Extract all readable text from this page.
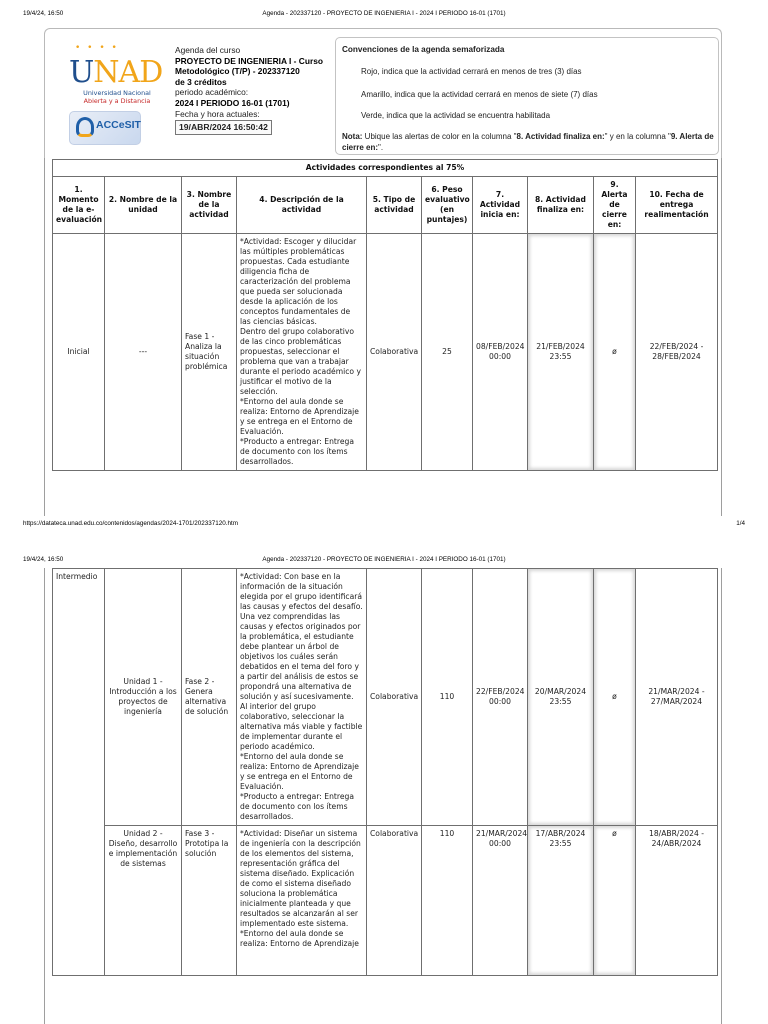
19/4/24, 16:50	Agenda - 202337120 - PROYECTO DE INGENIERIA I - 2024 I PERIODO 16-01 (1701)
• • • •
UNAD
Universidad Nacional
Abierta y a Distancia
ACCeSIT
Agenda del curso
PROYECTO DE INGENIERIA I - Curso Metodológico (T/P) - 202337120
de 3 créditos
periodo académico:
2024 I PERIODO 16-01 (1701)
Fecha y hora actuales:
19/ABR/2024 16:50:42
Convenciones de la agenda semaforizada
Rojo, indica que la actividad cerrará en menos de tres (3) días
Amarillo, indica que la actividad cerrará en menos de siete (7) días
Verde, indica que la actividad se encuentra habilitada
Nota: Ubique las alertas de color en la columna "8. Actividad finaliza en:" y en la columna "9. Alerta de cierre en:".
Actividades correspondientes al 75%									
1. Momento de la e-evaluación	2. Nombre de la unidad	3. Nombre de la actividad	4. Descripción de la actividad	5. Tipo de actividad	6. Peso evaluativo (en puntajes)	7. Actividad inicia en:	8. Actividad finaliza en:	9. Alerta de cierre en:	10. Fecha de entrega realimentación
Inicial	---	Fase 1 - Analiza la situación problémica	*Actividad: Escoger y dilucidar las múltiples problemáticas propuestas. Cada estudiante diligencia ficha de caracterización del problema que pueda ser solucionada desde la aplicación de los conceptos fundamentales de las ciencias básicas.
Dentro del grupo colaborativo de las cinco problemáticas propuestas, seleccionar el problema que van a trabajar durante el periodo académico y justificar el motivo de la selección.
*Entorno del aula donde se realiza: Entorno de Aprendizaje y se entrega en el Entorno de Evaluación.
*Producto a entregar: Entrega de documento con los ítems desarrollados.	Colaborativa	25	08/FEB/2024 00:00	21/FEB/2024 23:55	ø	22/FEB/2024 - 28/FEB/2024
https://datateca.unad.edu.co/contenidos/agendas/2024-1701/202337120.htm	1/4
19/4/24, 16:50	Agenda - 202337120 - PROYECTO DE INGENIERIA I - 2024 I PERIODO 16-01 (1701)
Intermedio	Unidad 1 - Introducción a los proyectos de ingeniería	Fase 2 - Genera alternativa de solución	*Actividad: Con base en la información de la situación elegida por el grupo identificará las causas y efectos del desafío. Una vez comprendidas las causas y efectos originados por la problemática, el estudiante debe plantear un árbol de objetivos los cuáles serán debatidos en el tema del foro y a partir del análisis de estos se propondrá una alternativa de solución y así sucesivamente.
Al interior del grupo colaborativo, seleccionar la alternativa más viable y factible de implementar durante el periodo académico.
*Entorno del aula donde se realiza: Entorno de Aprendizaje y se entrega en el Entorno de Evaluación.
*Producto a entregar: Entrega de documento con los ítems desarrollados.	Colaborativa	110	22/FEB/2024 00:00	20/MAR/2024 23:55	ø	21/MAR/2024 - 27/MAR/2024
	Unidad 2 - Diseño, desarrollo e implementación de sistemas	Fase 3 - Prototipa la solución	*Actividad: Diseñar un sistema de ingeniería con la descripción de los elementos del sistema, representación gráfica del sistema diseñado. Explicación de como el sistema diseñado soluciona la problemática inicialmente planteada y que resultados se alcanzarán al ser implementado este sistema.
*Entorno del aula donde se realiza: Entorno de Aprendizaje	Colaborativa	110	21/MAR/2024 00:00	17/ABR/2024 23:55	ø	18/ABR/2024 - 24/ABR/2024
